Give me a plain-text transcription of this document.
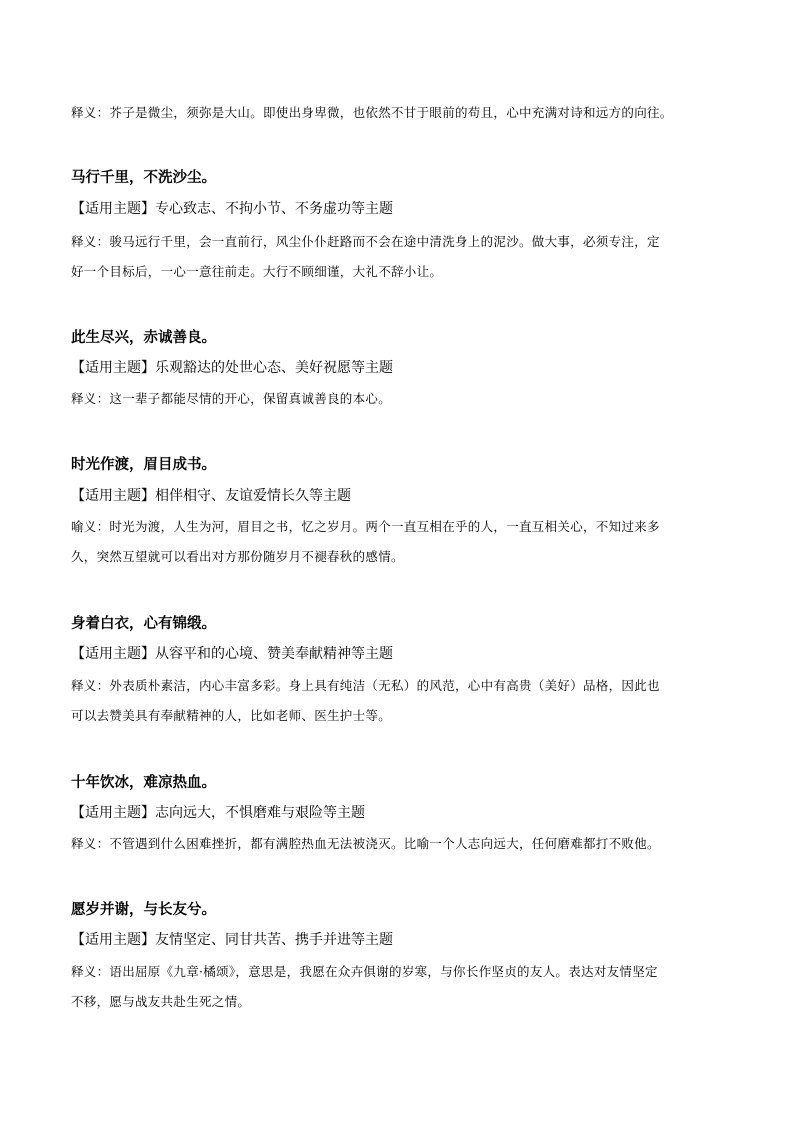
释义：芥子是微尘，须弥是大山。即使出身卑微，也依然不甘于眼前的苟且，心中充满对诗和远方的向往。
马行千里，不洗沙尘。
【适用主题】专心致志、不拘小节、不务虚功等主题
释义：骏马远行千里，会一直前行，风尘仆仆赶路而不会在途中清洗身上的泥沙。做大事，必须专注，定
好一个目标后，一心一意往前走。大行不顾细谨，大礼不辞小让。
此生尽兴，赤诚善良。
【适用主题】乐观豁达的处世心态、美好祝愿等主题
释义：这一辈子都能尽情的开心，保留真诚善良的本心。
时光作渡，眉目成书。
【适用主题】相伴相守、友谊爱情长久等主题
喻义：时光为渡，人生为河，眉目之书，忆之岁月。两个一直互相在乎的人，一直互相关心，不知过来多
久，突然互望就可以看出对方那份随岁月不褪春秋的感情。
身着白衣，心有锦缎。
【适用主题】从容平和的心境、赞美奉献精神等主题
释义：外表质朴素洁，内心丰富多彩。身上具有纯洁（无私）的风范，心中有高贵（美好）品格，因此也
可以去赞美具有奉献精神的人，比如老师、医生护士等。
十年饮冰，难凉热血。
【适用主题】志向远大，不惧磨难与艰险等主题
释义：不管遇到什么困难挫折，都有满腔热血无法被浇灭。比喻一个人志向远大，任何磨难都打不败他。
愿岁并谢，与长友兮。
【适用主题】友情坚定、同甘共苦、携手并进等主题
释义：语出屈原《九章·橘颂》，意思是，我愿在众卉俱谢的岁寒，与你长作坚贞的友人。表达对友情坚定
不移，愿与战友共赴生死之情。
